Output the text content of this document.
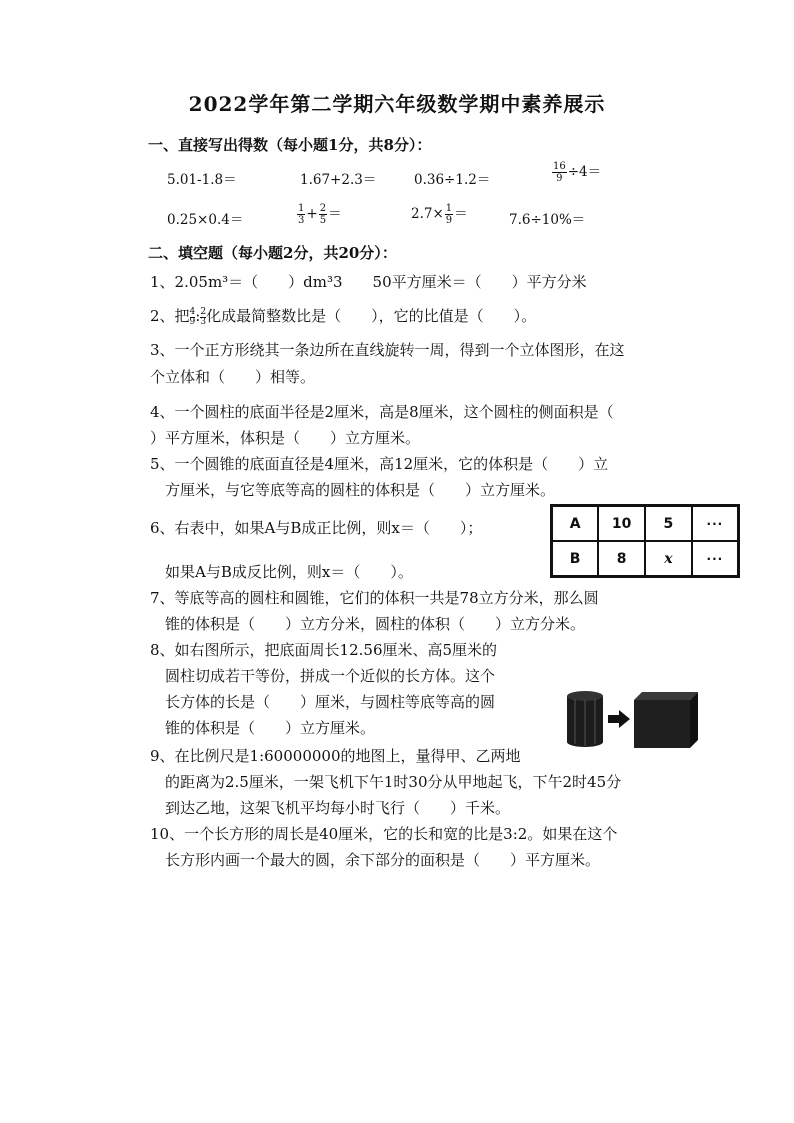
2022学年第二学期六年级数学期中素养展示
一、直接写出得数（每小题1分，共8分）：
5.01-1.8＝	1.67+2.3＝	0.36÷1.2＝	$\frac{16}{9} \div 4=$
0.25×0.4＝	$\frac{1}{3} + \frac{2}{5}$ ＝	$2.7\times \frac{1}{9}$ ＝	7.6÷10%＝
二、填空题（每小题2分，共20分）：
1、2.05m³＝（　　）dm³3　　50平方厘米＝（　　）平方分米
2、把 $\frac{4}{9}$ : $\frac{2}{3}$ 化成最简整数比是（　　），它的比值是（　　）。
3、一个正方形绕其一条边所在直线旋转一周，得到一个立体图形，在这
个立体和（　　）相等。
4、一个圆柱的底面半径是2厘米，高是8厘米，这个圆柱的侧面积是（
）平方厘米，体积是（　　）立方厘米。
5、一个圆锥的底面直径是4厘米，高12厘米，它的体积是（　　）立
方厘米，与它等底等高的圆柱的体积是（　　）立方厘米。
6、右表中，如果A与B成正比例，则x＝（　　）；
如果A与B成反比例，则x＝（　　）。
A	10	5	···
B	8	x	···
7、等底等高的圆柱和圆锥，它们的体积一共是78立方分米，那么圆
锥的体积是（　　）立方分米，圆柱的体积（　　）立方分米。
8、如右图所示，把底面周长12.56厘米、高5厘米的
圆柱切成若干等份，拼成一个近似的长方体。这个
长方体的长是（　　）厘米，与圆柱等底等高的圆
锥的体积是（　　）立方厘米。
9、在比例尺是1:60000000的地图上，量得甲、乙两地
的距离为2.5厘米，一架飞机下午1时30分从甲地起飞，下午2时45分
到达乙地，这架飞机平均每小时飞行（　　）千米。
10、一个长方形的周长是40厘米，它的长和宽的比是3:2。如果在这个
长方形内画一个最大的圆，余下部分的面积是（　　）平方厘米。
